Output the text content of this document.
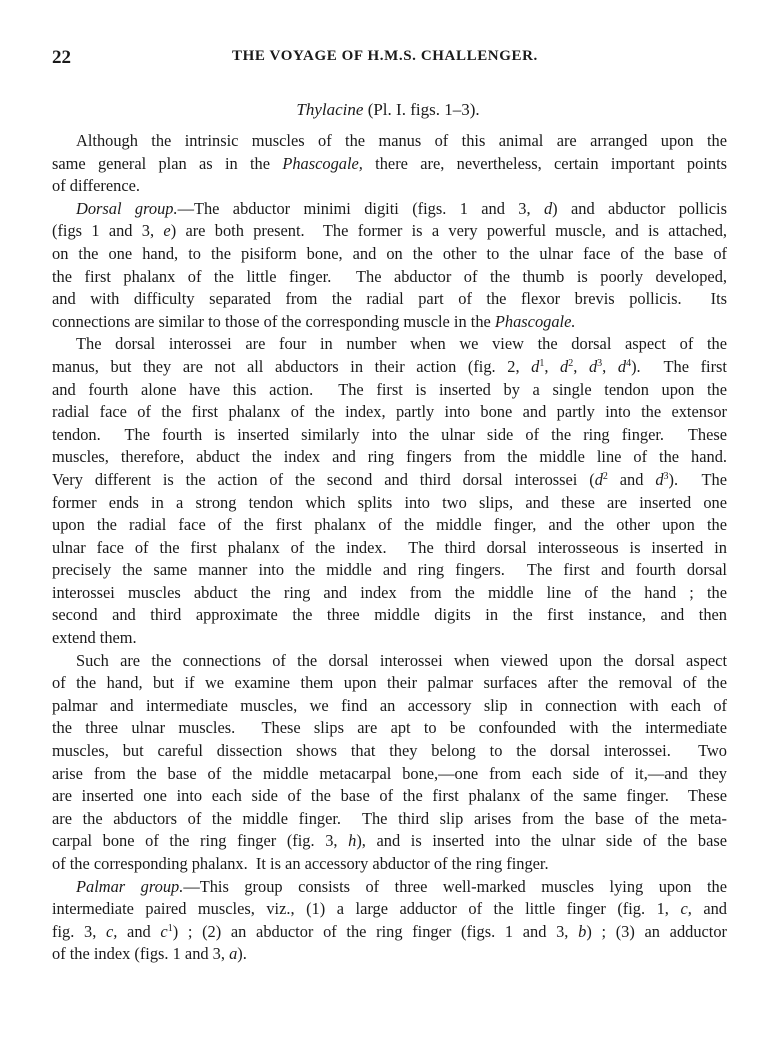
22	THE VOYAGE OF H.M.S. CHALLENGER.
Thylacine (Pl. I. figs. 1–3).
Although the intrinsic muscles of the manus of this animal are arranged upon the
same general plan as in the Phascogale, there are, nevertheless, certain important points
of difference.
Dorsal group.—The abductor minimi digiti (figs. 1 and 3, d) and abductor pollicis
(figs 1 and 3, e) are both present.  The former is a very powerful muscle, and is attached,
on the one hand, to the pisiform bone, and on the other to the ulnar face of the base of
the first phalanx of the little finger.  The abductor of the thumb is poorly developed,
and with difficulty separated from the radial part of the flexor brevis pollicis.  Its
connections are similar to those of the corresponding muscle in the Phascogale.
The dorsal interossei are four in number when we view the dorsal aspect of the
manus, but they are not all abductors in their action (fig. 2, $d^1$, $d^2$, $d^3$, $d^4$).  The first
and fourth alone have this action.  The first is inserted by a single tendon upon the
radial face of the first phalanx of the index, partly into bone and partly into the extensor
tendon.  The fourth is inserted similarly into the ulnar side of the ring finger.  These
muscles, therefore, abduct the index and ring fingers from the middle line of the hand.
Very different is the action of the second and third dorsal interossei ($d^2$ and $d^3$).  The
former ends in a strong tendon which splits into two slips, and these are inserted one
upon the radial face of the first phalanx of the middle finger, and the other upon the
ulnar face of the first phalanx of the index.  The third dorsal interosseous is inserted in
precisely the same manner into the middle and ring fingers.  The first and fourth dorsal
interossei muscles abduct the ring and index from the middle line of the hand ; the
second and third approximate the three middle digits in the first instance, and then
extend them.
Such are the connections of the dorsal interossei when viewed upon the dorsal aspect
of the hand, but if we examine them upon their palmar surfaces after the removal of the
palmar and intermediate muscles, we find an accessory slip in connection with each of
the three ulnar muscles.  These slips are apt to be confounded with the intermediate
muscles, but careful dissection shows that they belong to the dorsal interossei.  Two
arise from the base of the middle metacarpal bone,—one from each side of it,—and they
are inserted one into each side of the base of the first phalanx of the same finger.  These
are the abductors of the middle finger.  The third slip arises from the base of the meta-
carpal bone of the ring finger (fig. 3, h), and is inserted into the ulnar side of the base
of the corresponding phalanx.  It is an accessory abductor of the ring finger.
Palmar group.—This group consists of three well-marked muscles lying upon the
intermediate paired muscles, viz., (1) a large adductor of the little finger (fig. 1, c, and
fig. 3, c, and $c^1$) ; (2) an abductor of the ring finger (figs. 1 and 3, b) ; (3) an adductor
of the index (figs. 1 and 3, a).
